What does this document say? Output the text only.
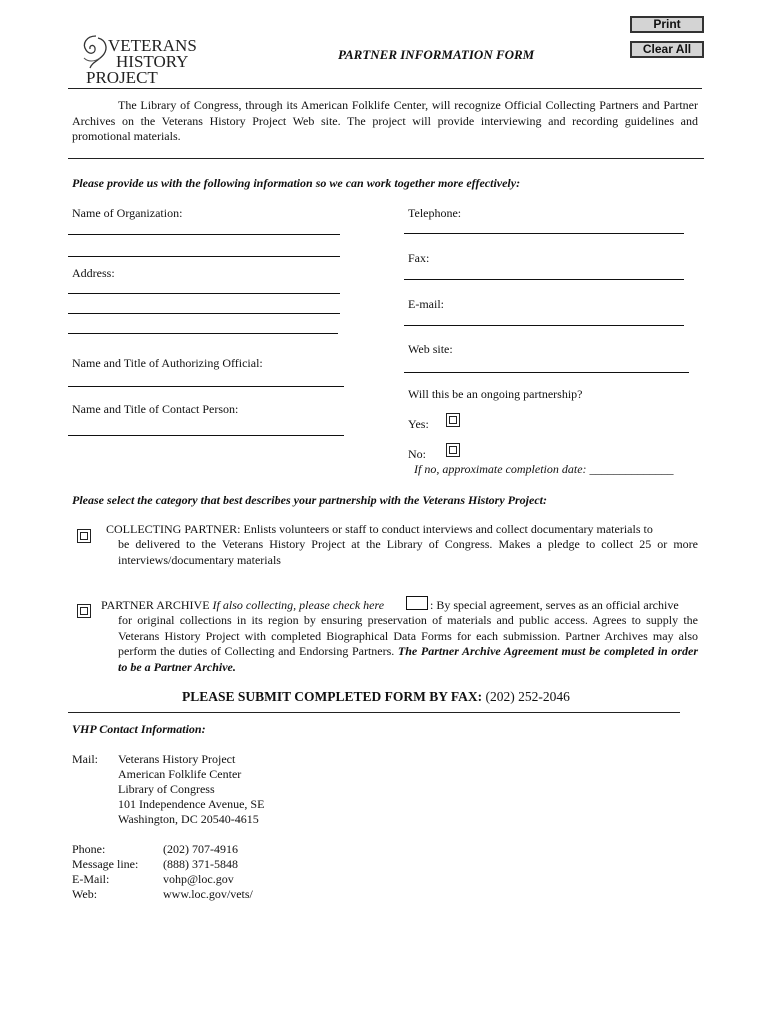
VETERANS
HISTORY
PROJECT
PARTNER INFORMATION FORM
Print
Clear All
The Library of Congress, through its American Folklife Center, will recognize Official Collecting Partners and Partner Archives on the Veterans History Project Web site. The project will provide interviewing and recording guidelines and promotional materials.
Please provide us with the following information so we can work together more effectively:
Name of Organization:
Address:
Name and Title of Authorizing Official:
Name and Title of Contact Person:
Telephone:
Fax:
E-mail:
Web site:
Will this be an ongoing partnership?
Yes:
No:
If no, approximate completion date: ______________
Please select the category that best describes your partnership with the Veterans History Project:
COLLECTING PARTNER: Enlists volunteers or staff to conduct interviews and collect documentary materials to
be delivered to the Veterans History Project at the Library of Congress. Makes a pledge to collect 25 or more interviews/documentary materials
PARTNER ARCHIVE If also collecting, please check here	: By special agreement, serves as an official archive
for original collections in its region by ensuring preservation of materials and public access. Agrees to supply the Veterans History Project with completed Biographical Data Forms for each submission. Partner Archives may also perform the duties of Collecting and Endorsing Partners. The Partner Archive Agreement must be completed in order to be a Partner Archive.
PLEASE SUBMIT COMPLETED FORM BY FAX: (202) 252-2046
VHP Contact Information:
Mail: Veterans History Project
American Folklife Center
Library of Congress
101 Independence Avenue, SE
Washington, DC 20540-4615
Phone:	(202) 707-4916
Message line: (888) 371-5848
E-Mail:	vohp@loc.gov
Web:	www.loc.gov/vets/
